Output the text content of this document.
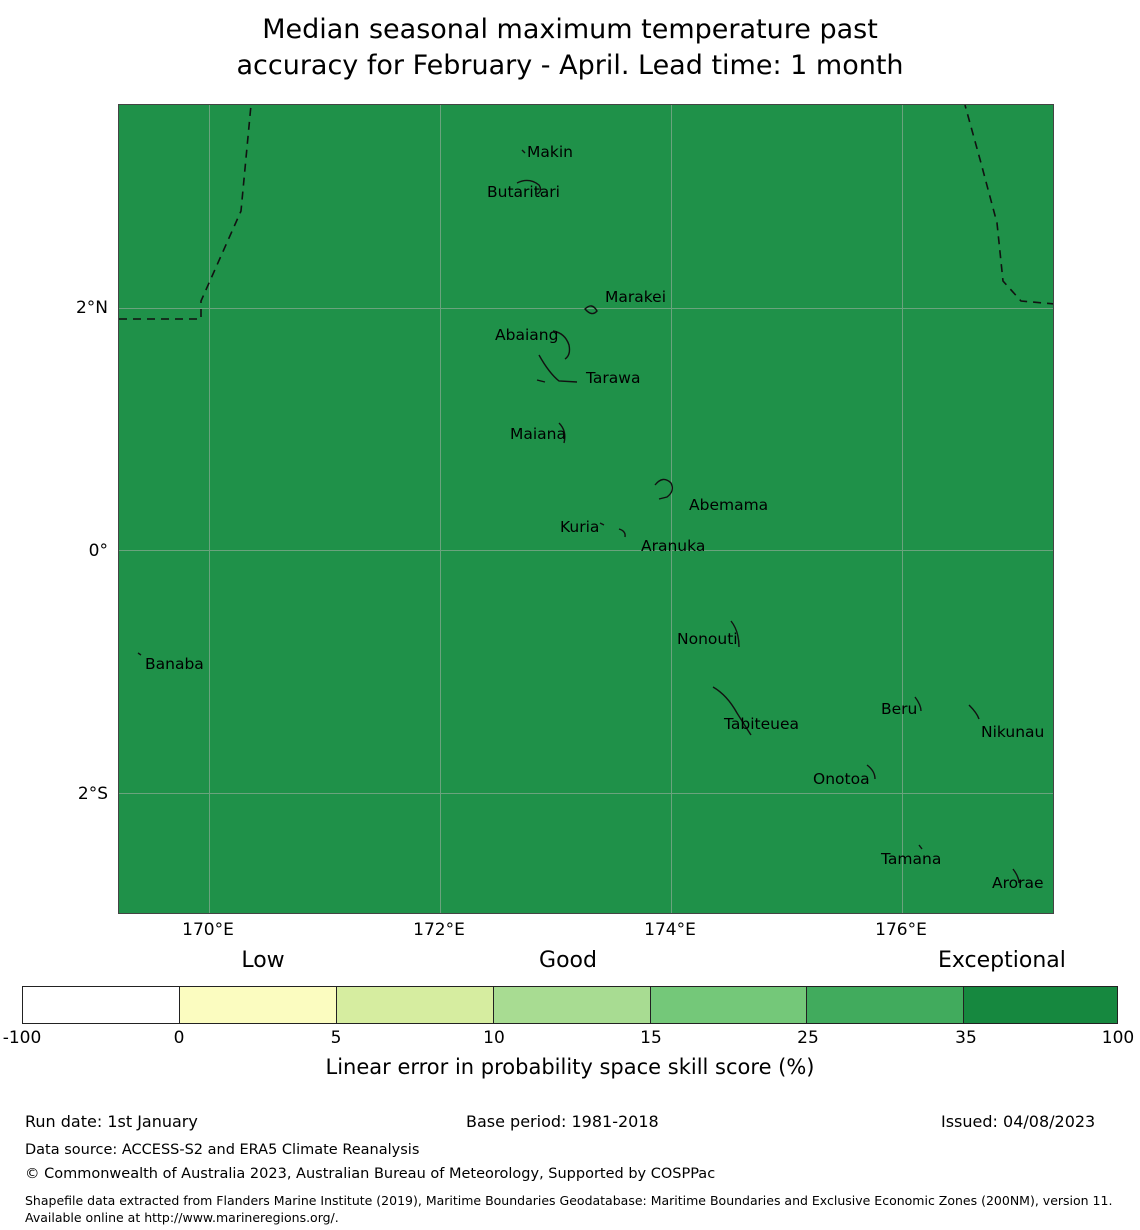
Median seasonal maximum temperature past
accuracy for February - April. Lead time: 1 month
Makin
Butaritari
Marakei
Abaiang
Tarawa
Maiana
Abemama
Kuria
Aranuka
Nonouti
Banaba
Tabiteuea
Beru
Nikunau
Onotoa
Tamana
Arorae
170°E	172°E	174°E	176°E
2°N
0°
2°S
Low	Good	Exceptional
-100	0	5	10	15	25	35	100
Linear error in probability space skill score (%)
Run date: 1st January	Base period: 1981-2018	Issued: 04/08/2023
Data source: ACCESS-S2 and ERA5 Climate Reanalysis
© Commonwealth of Australia 2023, Australian Bureau of Meteorology, Supported by COSPPac
Shapefile data extracted from Flanders Marine Institute (2019), Maritime Boundaries Geodatabase: Maritime Boundaries and Exclusive Economic Zones (200NM), version 11. Available online at http://www.marineregions.org/.
